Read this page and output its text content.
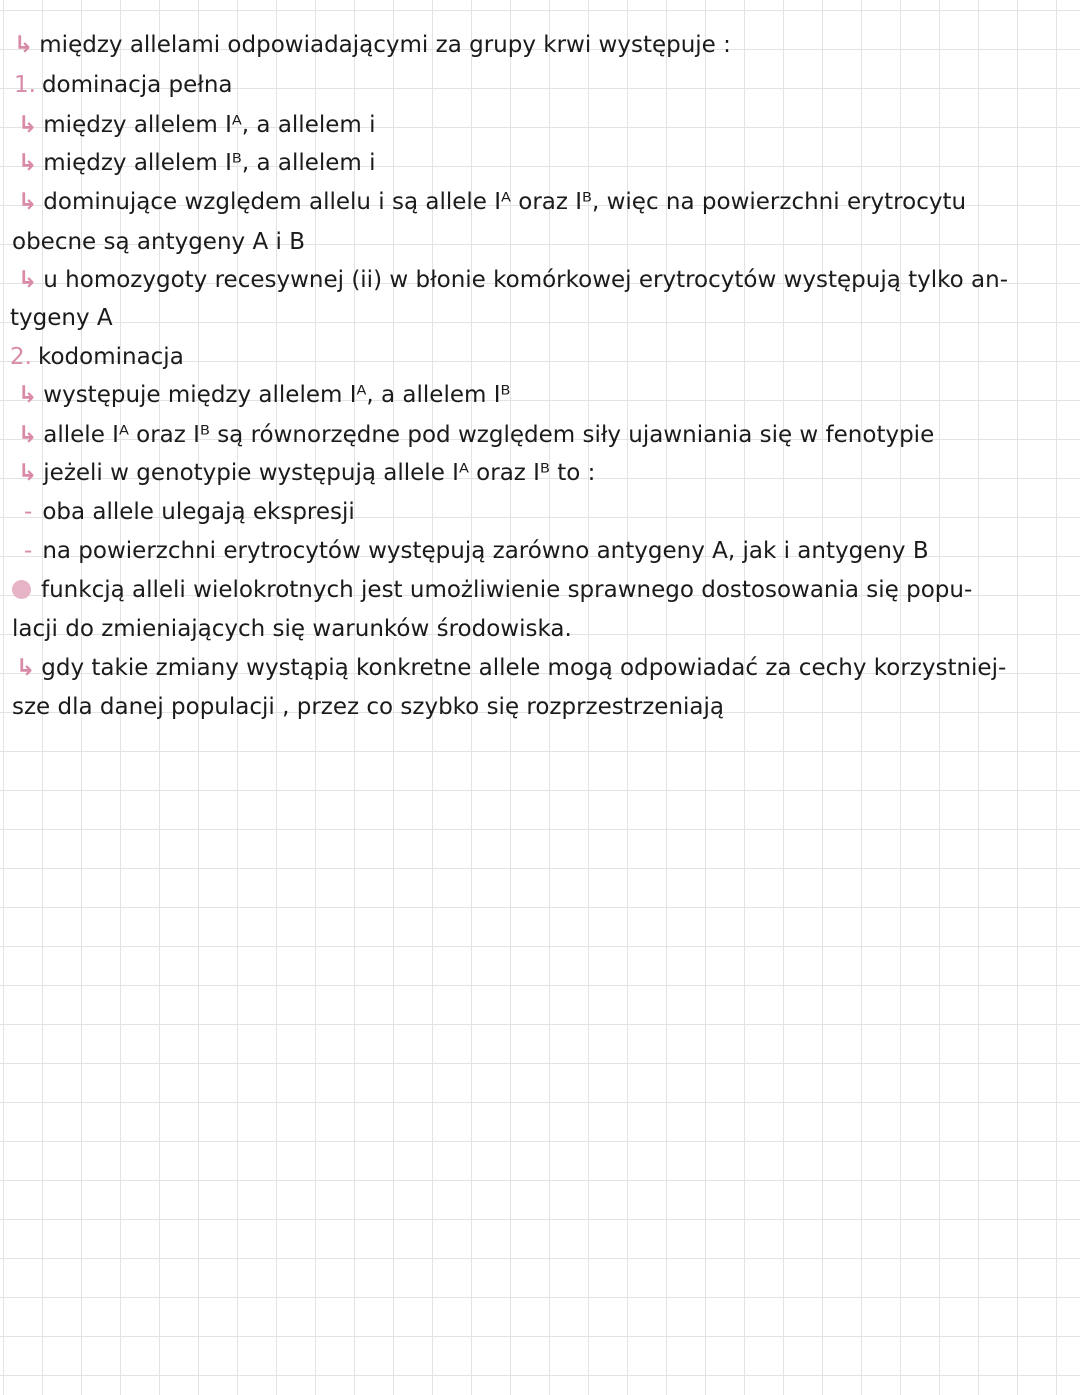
↳ między allelami odpowiadającymi za grupy krwi występuje :
1. dominacja pełna
↳ między allelem Iᴬ, a allelem i
↳ między allelem Iᴮ, a allelem i
↳ dominujące względem allelu i są allele Iᴬ oraz Iᴮ, więc na powierzchni erytrocytu
obecne są antygeny A i B
↳ u homozygoty recesywnej (ii) w błonie komórkowej erytrocytów występują tylko an-
tygeny A
2. kodominacja
↳ występuje między allelem Iᴬ, a allelem Iᴮ
↳ allele Iᴬ oraz Iᴮ są równorzędne pod względem siły ujawniania się w fenotypie
↳ jeżeli w genotypie występują allele Iᴬ oraz Iᴮ to :
- oba allele ulegają ekspresji
- na powierzchni erytrocytów występują zarówno antygeny A, jak i antygeny B
funkcją alleli wielokrotnych jest umożliwienie sprawnego dostosowania się popu-
lacji do zmieniających się warunków środowiska.
↳ gdy takie zmiany wystąpią konkretne allele mogą odpowiadać za cechy korzystniej-
sze dla danej populacji , przez co szybko się rozprzestrzeniają
